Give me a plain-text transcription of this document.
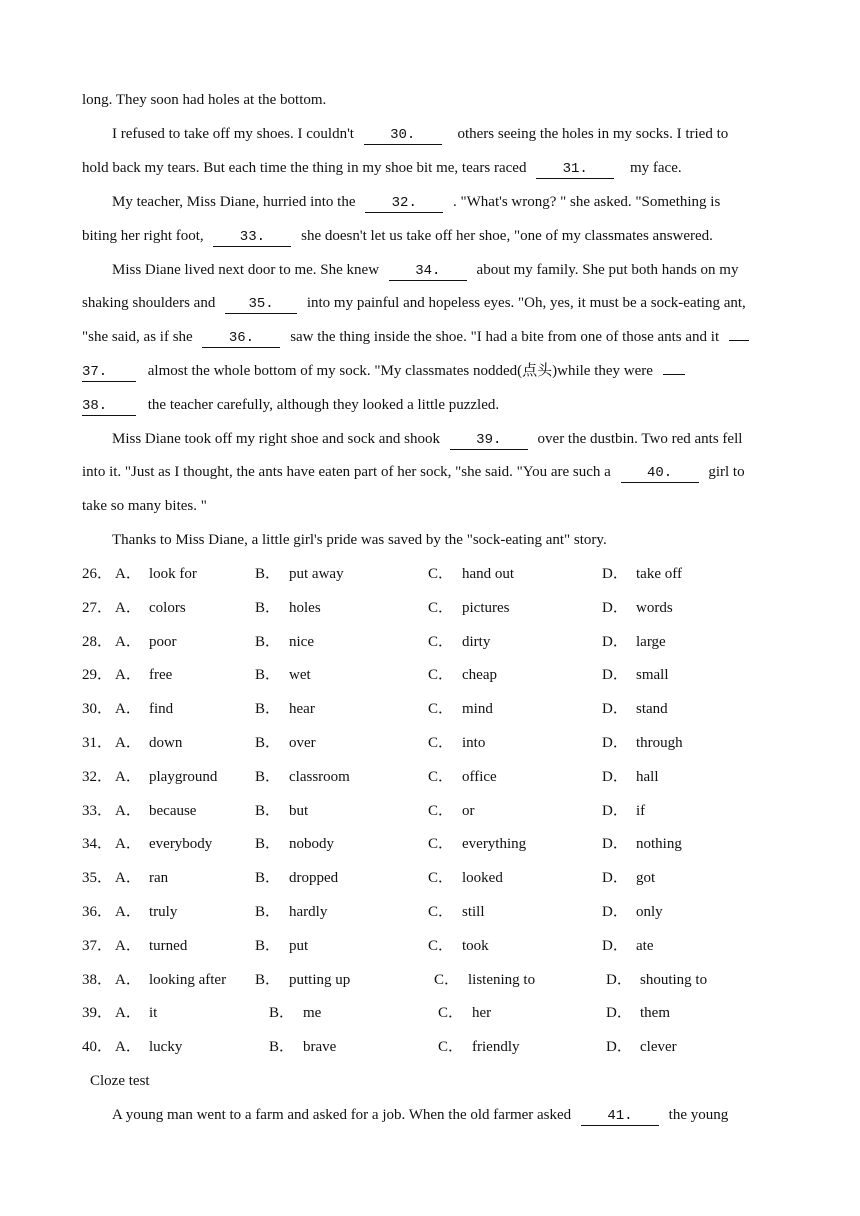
long. They soon had holes at the bottom.
I refused to take off my shoes. I couldn't	30.	others seeing the holes in my socks. I tried to
hold back my tears. But each time the thing in my shoe bit me, tears raced	31.	my face.
My teacher, Miss Diane, hurried into the	32. . "What's wrong? " she asked. "Something is
biting her right foot,	33. she doesn't let us take off her shoe, "one of my classmates answered.
Miss Diane lived next door to me. She knew	34. about my family. She put both hands on my
shaking shoulders and 35. into my painful and hopeless eyes. "Oh, yes, it must be a sock-eating ant,
"she said, as if she	36. saw the thing inside the shoe. "I had a bite from one of those ants and it
37.	almost the whole bottom of my sock. "My classmates nodded(点头)while they were
38.	the teacher carefully, although they looked a little puzzled.
Miss Diane took off my right shoe and sock and shook	39. over the dustbin. Two red ants fell
into it. "Just as I thought, the ants have eaten part of her sock, "she said. "You are such a	40. girl to
take so many bites. "
Thanks to Miss Diane, a little girl's pride was saved by the "sock-eating ant" story.
26． A． look for	B． put away	C． hand out	D． take off
27． A． colors	B． holes	C． pictures	D． words
28． A． poor	B． nice	C． dirty	D． large
29． A． free	B． wet	C． cheap	D． small
30． A． find	B． hear	C． mind	D． stand
31． A． down	B． over	C． into	D． through
32． A． playground	B． classroom	C． office	D． hall
33． A． because	B． but	C． or	D． if
34． A． everybody	B． nobody	C． everything	D． nothing
35． A． ran	B． dropped	C． looked	D． got
36． A． truly	B． hardly	C． still	D． only
37． A． turned	B． put	C． took	D． ate
38． A． looking after B． putting up	C． listening to	D． shouting to
39． A． it	B． me	C． her	D． them
40． A． lucky	B． brave	C． friendly	D． clever
Cloze test
A young man went to a farm and asked for a job. When the old farmer asked	41. the young
